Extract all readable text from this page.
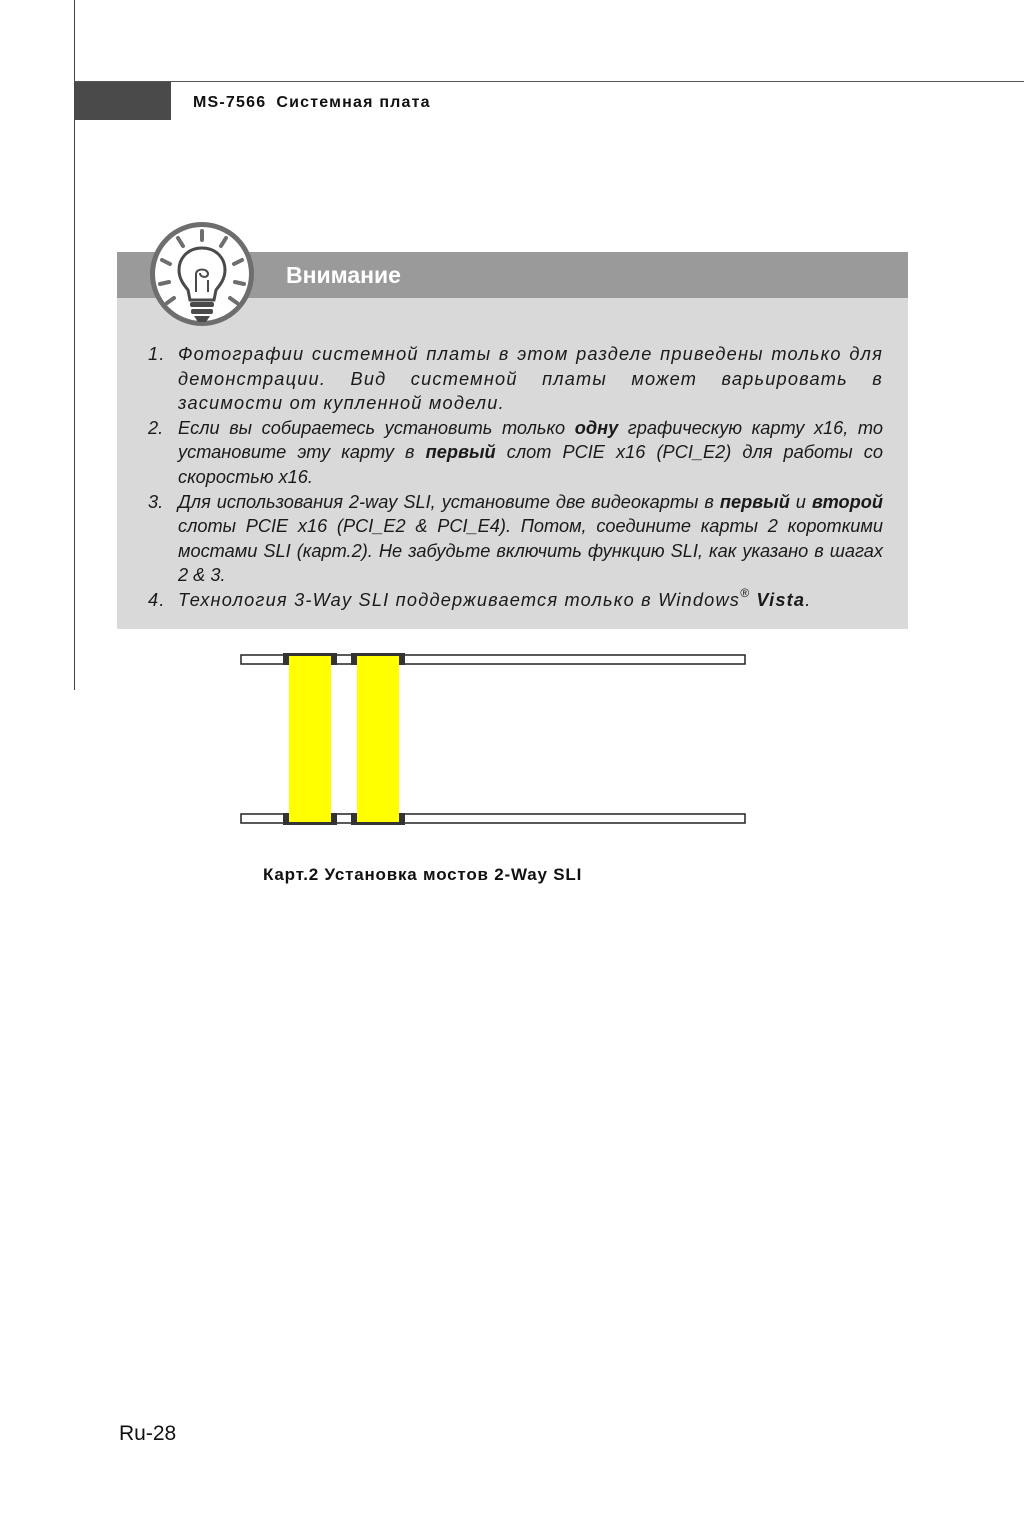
MS-7566 Системная плата
Внимание
1. Фотографии системной платы в этом разделе приведены только для демонстрации. Вид системной платы может варьировать в засимости от купленной модели.
2. Если вы собираетесь установить только одну графическую карту x16, то установите эту карту в первый слот PCIE x16 (PCI_E2) для работы со скоростью x16.
3. Для использования 2-way SLI, установите две видеокарты в первый и второй слоты PCIE x16 (PCI_E2 & PCI_E4). Потом, соедините карты 2 короткими мостами SLI (карт.2). Не забудьте включить функцию SLI, как указано в шагах 2 & 3.
4. Технология 3-Way SLI поддерживается только в Windows® Vista.
Карт.2 Установка мостов 2-Way SLI
Ru-28
